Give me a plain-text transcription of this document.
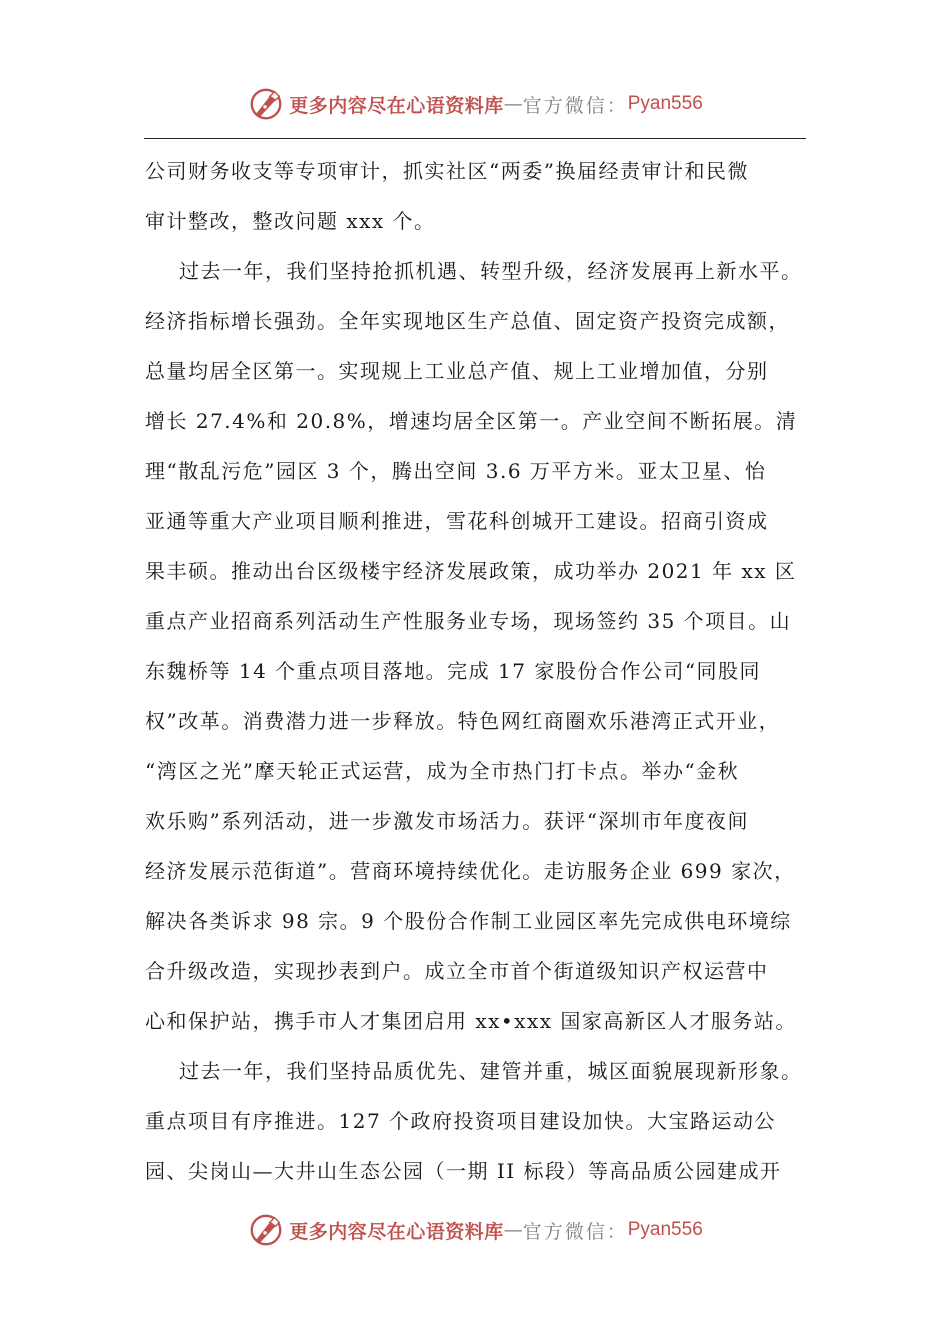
更多内容尽在心语资料库 — 官方微信： Pyan556
公司财务收支等专项审计，抓实社区“两委”换届经责审计和民微
审计整改，整改问题 xxx 个。
过去一年，我们坚持抢抓机遇、转型升级，经济发展再上新水平。
经济指标增长强劲。全年实现地区生产总值、固定资产投资完成额，
总量均居全区第一。实现规上工业总产值、规上工业增加值，分别
增长 27.4%和 20.8%，增速均居全区第一。产业空间不断拓展。清
理“散乱污危”园区 3 个，腾出空间 3.6 万平方米。亚太卫星、怡
亚通等重大产业项目顺利推进，雪花科创城开工建设。招商引资成
果丰硕。推动出台区级楼宇经济发展政策，成功举办 2021 年 xx 区
重点产业招商系列活动生产性服务业专场，现场签约 35 个项目。山
东魏桥等 14 个重点项目落地。完成 17 家股份合作公司“同股同
权”改革。消费潜力进一步释放。特色网红商圈欢乐港湾正式开业，
“湾区之光”摩天轮正式运营，成为全市热门打卡点。举办“金秋
欢乐购”系列活动，进一步激发市场活力。获评“深圳市年度夜间
经济发展示范街道”。营商环境持续优化。走访服务企业 699 家次，
解决各类诉求 98 宗。9 个股份合作制工业园区率先完成供电环境综
合升级改造，实现抄表到户。成立全市首个街道级知识产权运营中
心和保护站，携手市人才集团启用 xx•xxx 国家高新区人才服务站。
过去一年，我们坚持品质优先、建管并重，城区面貌展现新形象。
重点项目有序推进。127 个政府投资项目建设加快。大宝路运动公
园、尖岗山—大井山生态公园（一期 II 标段）等高品质公园建成开
更多内容尽在心语资料库 — 官方微信： Pyan556
